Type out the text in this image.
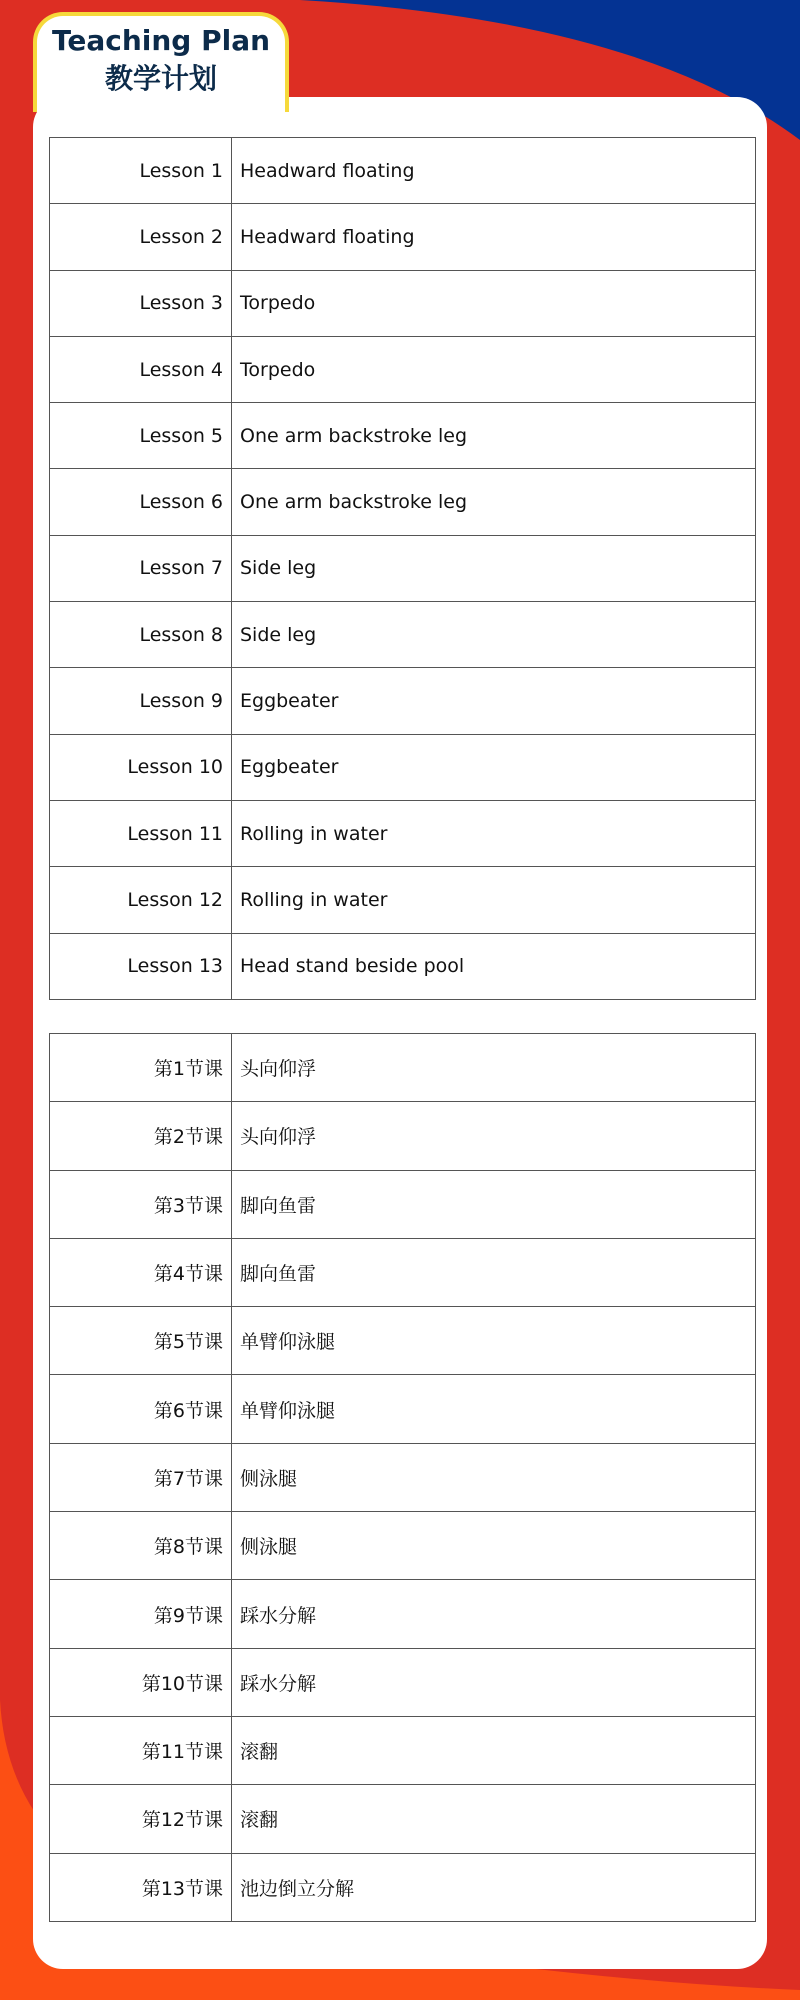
Teaching Plan
教学计划
Lesson 1	Headward floating
Lesson 2	Headward floating
Lesson 3	Torpedo
Lesson 4	Torpedo
Lesson 5	One arm backstroke leg
Lesson 6	One arm backstroke leg
Lesson 7	Side leg
Lesson 8	Side leg
Lesson 9	Eggbeater
Lesson 10	Eggbeater
Lesson 11	Rolling in water
Lesson 12	Rolling in water
Lesson 13	Head stand beside pool
第1节课	头向仰浮
第2节课	头向仰浮
第3节课	脚向鱼雷
第4节课	脚向鱼雷
第5节课	单臂仰泳腿
第6节课	单臂仰泳腿
第7节课	侧泳腿
第8节课	侧泳腿
第9节课	踩水分解
第10节课	踩水分解
第11节课	滚翻
第12节课	滚翻
第13节课	池边倒立分解
